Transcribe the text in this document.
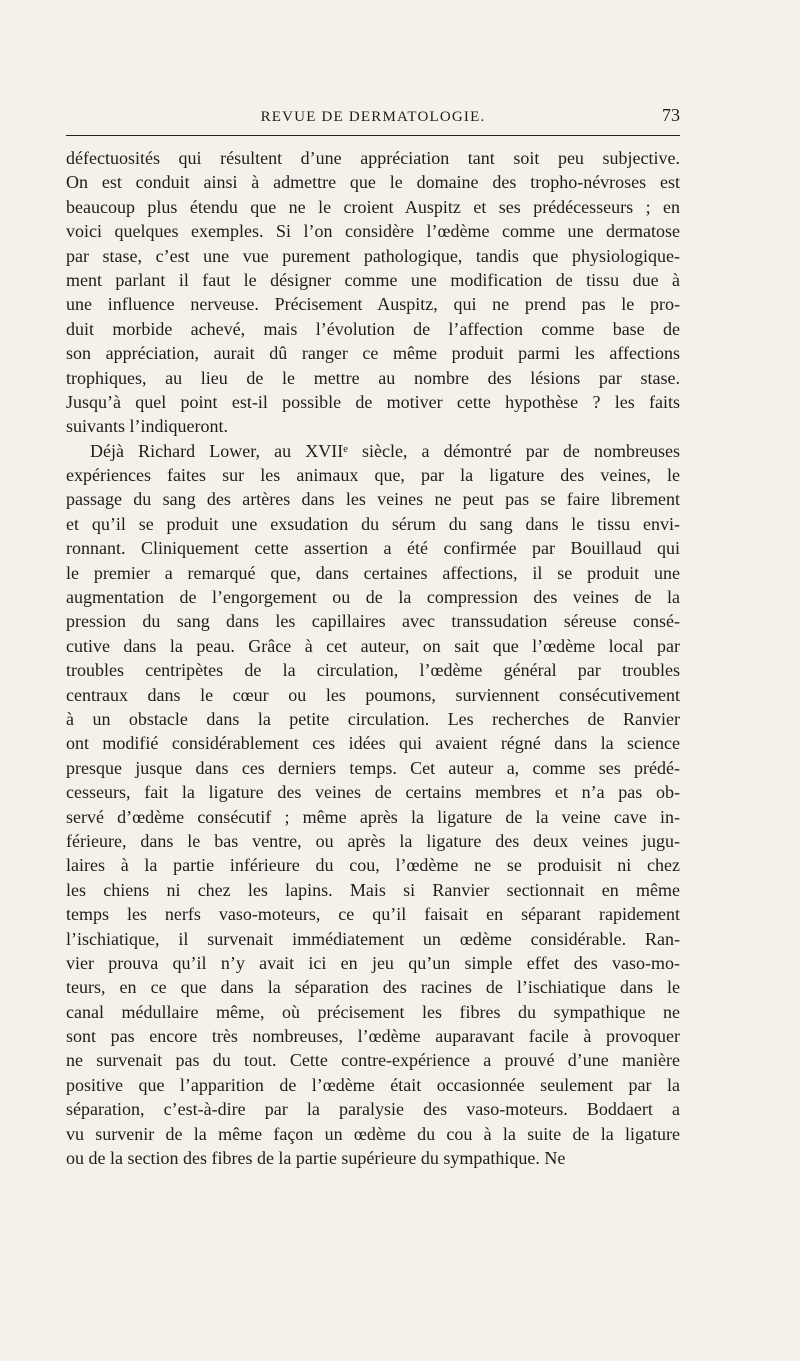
REVUE DE DERMATOLOGIE.	73
défectuosités qui résultent d’une appréciation tant soit peu subjective.
On est conduit ainsi à admettre que le domaine des tropho-névroses est
beaucoup plus étendu que ne le croient Auspitz et ses prédécesseurs ; en
voici quelques exemples. Si l’on considère l’œdème comme une dermatose
par stase, c’est une vue purement pathologique, tandis que physiologique-
ment parlant il faut le désigner comme une modification de tissu due à
une influence nerveuse. Précisement Auspitz, qui ne prend pas le pro-
duit morbide achevé, mais l’évolution de l’affection comme base de
son appréciation, aurait dû ranger ce même produit parmi les affections
trophiques, au lieu de le mettre au nombre des lésions par stase.
Jusqu’à quel point est-il possible de motiver cette hypothèse ? les faits
suivants l’indiqueront.
Déjà Richard Lower, au XVIIᵉ siècle, a démontré par de nombreuses
expériences faites sur les animaux que, par la ligature des veines, le
passage du sang des artères dans les veines ne peut pas se faire librement
et qu’il se produit une exsudation du sérum du sang dans le tissu envi-
ronnant. Cliniquement cette assertion a été confirmée par Bouillaud qui
le premier a remarqué que, dans certaines affections, il se produit une
augmentation de l’engorgement ou de la compression des veines de la
pression du sang dans les capillaires avec transsudation séreuse consé-
cutive dans la peau. Grâce à cet auteur, on sait que l’œdème local par
troubles centripètes de la circulation, l’œdème général par troubles
centraux dans le cœur ou les poumons, surviennent consécutivement
à un obstacle dans la petite circulation. Les recherches de Ranvier
ont modifié considérablement ces idées qui avaient régné dans la science
presque jusque dans ces derniers temps. Cet auteur a, comme ses prédé-
cesseurs, fait la ligature des veines de certains membres et n’a pas ob-
servé d’œdème consécutif ; même après la ligature de la veine cave in-
férieure, dans le bas ventre, ou après la ligature des deux veines jugu-
laires à la partie inférieure du cou, l’œdème ne se produisit ni chez
les chiens ni chez les lapins. Mais si Ranvier sectionnait en même
temps les nerfs vaso-moteurs, ce qu’il faisait en séparant rapidement
l’ischiatique, il survenait immédiatement un œdème considérable. Ran-
vier prouva qu’il n’y avait ici en jeu qu’un simple effet des vaso-mo-
teurs, en ce que dans la séparation des racines de l’ischiatique dans le
canal médullaire même, où précisement les fibres du sympathique ne
sont pas encore très nombreuses, l’œdème auparavant facile à provoquer
ne survenait pas du tout. Cette contre-expérience a prouvé d’une manière
positive que l’apparition de l’œdème était occasionnée seulement par la
séparation, c’est-à-dire par la paralysie des vaso-moteurs. Boddaert a
vu survenir de la même façon un œdème du cou à la suite de la ligature
ou de la section des fibres de la partie supérieure du sympathique. Ne
